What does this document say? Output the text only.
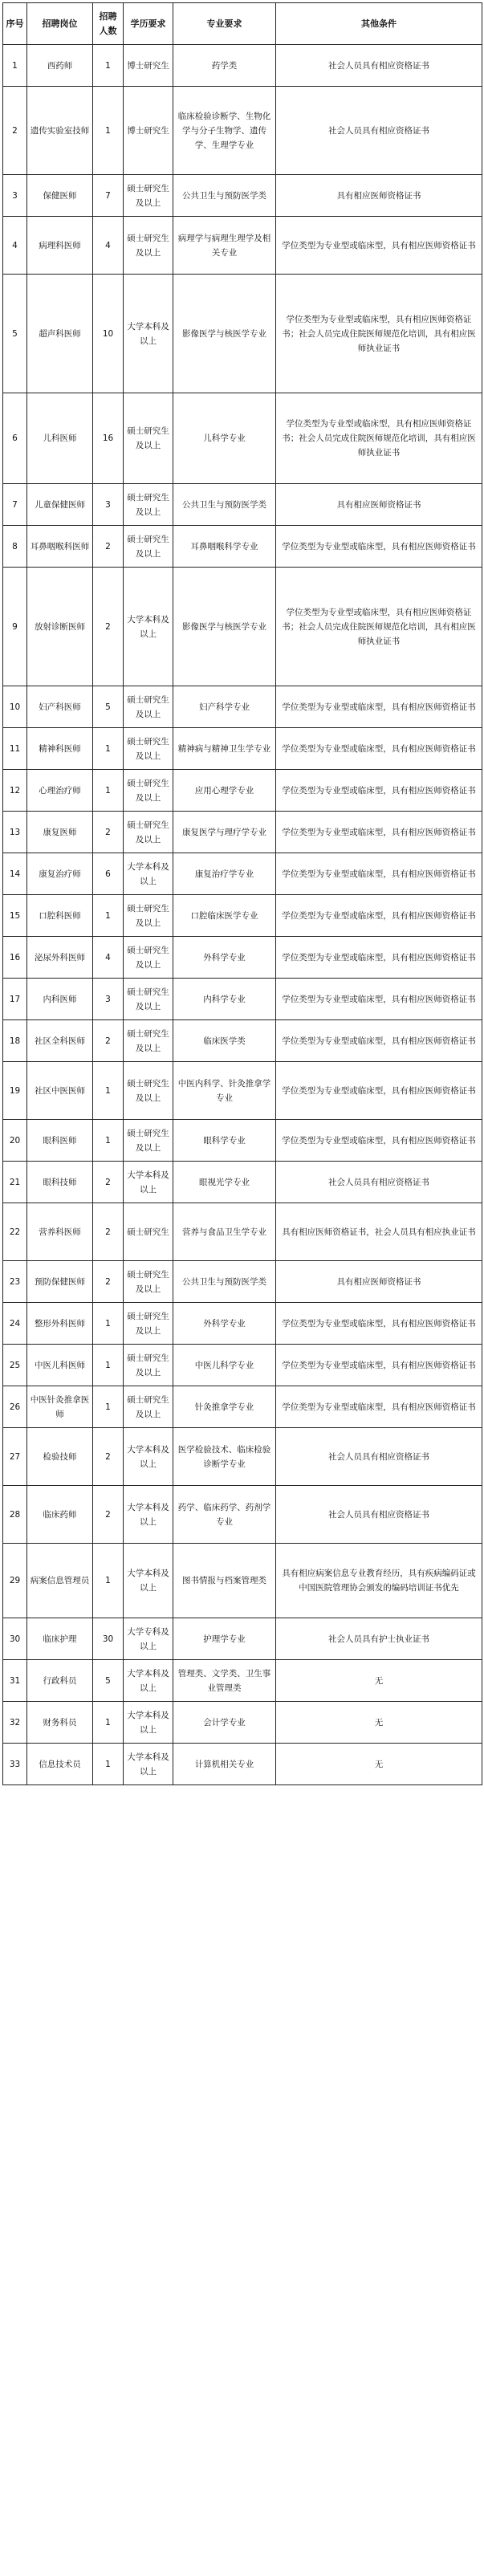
序号	招聘岗位	招聘人数	学历要求	专业要求	其他条件
1	西药师	1	博士研究生	药学类	社会人员具有相应资格证书
2	遗传实验室技师	1	博士研究生	临床检验诊断学、生物化学与分子生物学、遗传学、生理学专业	社会人员具有相应资格证书
3	保健医师	7	硕士研究生及以上	公共卫生与预防医学类	具有相应医师资格证书
4	病理科医师	4	硕士研究生及以上	病理学与病理生理学及相关专业	学位类型为专业型或临床型，具有相应医师资格证书
5	超声科医师	10	大学本科及以上	影像医学与核医学专业	学位类型为专业型或临床型，具有相应医师资格证书；社会人员完成住院医师规范化培训，具有相应医师执业证书
6	儿科医师	16	硕士研究生及以上	儿科学专业	学位类型为专业型或临床型，具有相应医师资格证书；社会人员完成住院医师规范化培训，具有相应医师执业证书
7	儿童保健医师	3	硕士研究生及以上	公共卫生与预防医学类	具有相应医师资格证书
8	耳鼻咽喉科医师	2	硕士研究生及以上	耳鼻咽喉科学专业	学位类型为专业型或临床型，具有相应医师资格证书
9	放射诊断医师	2	大学本科及以上	影像医学与核医学专业	学位类型为专业型或临床型，具有相应医师资格证书；社会人员完成住院医师规范化培训，具有相应医师执业证书
10	妇产科医师	5	硕士研究生及以上	妇产科学专业	学位类型为专业型或临床型，具有相应医师资格证书
11	精神科医师	1	硕士研究生及以上	精神病与精神卫生学专业	学位类型为专业型或临床型，具有相应医师资格证书
12	心理治疗师	1	硕士研究生及以上	应用心理学专业	学位类型为专业型或临床型，具有相应医师资格证书
13	康复医师	2	硕士研究生及以上	康复医学与理疗学专业	学位类型为专业型或临床型，具有相应医师资格证书
14	康复治疗师	6	大学本科及以上	康复治疗学专业	学位类型为专业型或临床型，具有相应医师资格证书
15	口腔科医师	1	硕士研究生及以上	口腔临床医学专业	学位类型为专业型或临床型，具有相应医师资格证书
16	泌尿外科医师	4	硕士研究生及以上	外科学专业	学位类型为专业型或临床型，具有相应医师资格证书
17	内科医师	3	硕士研究生及以上	内科学专业	学位类型为专业型或临床型，具有相应医师资格证书
18	社区全科医师	2	硕士研究生及以上	临床医学类	学位类型为专业型或临床型，具有相应医师资格证书
19	社区中医医师	1	硕士研究生及以上	中医内科学、针灸推拿学专业	学位类型为专业型或临床型，具有相应医师资格证书
20	眼科医师	1	硕士研究生及以上	眼科学专业	学位类型为专业型或临床型，具有相应医师资格证书
21	眼科技师	2	大学本科及以上	眼视光学专业	社会人员具有相应资格证书
22	营养科医师	2	硕士研究生	营养与食品卫生学专业	具有相应医师资格证书，社会人员具有相应执业证书
23	预防保健医师	2	硕士研究生及以上	公共卫生与预防医学类	具有相应医师资格证书
24	整形外科医师	1	硕士研究生及以上	外科学专业	学位类型为专业型或临床型，具有相应医师资格证书
25	中医儿科医师	1	硕士研究生及以上	中医儿科学专业	学位类型为专业型或临床型，具有相应医师资格证书
26	中医针灸推拿医师	1	硕士研究生及以上	针灸推拿学专业	学位类型为专业型或临床型，具有相应医师资格证书
27	检验技师	2	大学本科及以上	医学检验技术、临床检验诊断学专业	社会人员具有相应资格证书
28	临床药师	2	大学本科及以上	药学、临床药学、药剂学专业	社会人员具有相应资格证书
29	病案信息管理员	1	大学本科及以上	图书情报与档案管理类	具有相应病案信息专业教育经历，具有疾病编码证或中国医院管理协会颁发的编码培训证书优先
30	临床护理	30	大学专科及以上	护理学专业	社会人员具有护士执业证书
31	行政科员	5	大学本科及以上	管理类、文学类、卫生事业管理类	无
32	财务科员	1	大学本科及以上	会计学专业	无
33	信息技术员	1	大学本科及以上	计算机相关专业	无
